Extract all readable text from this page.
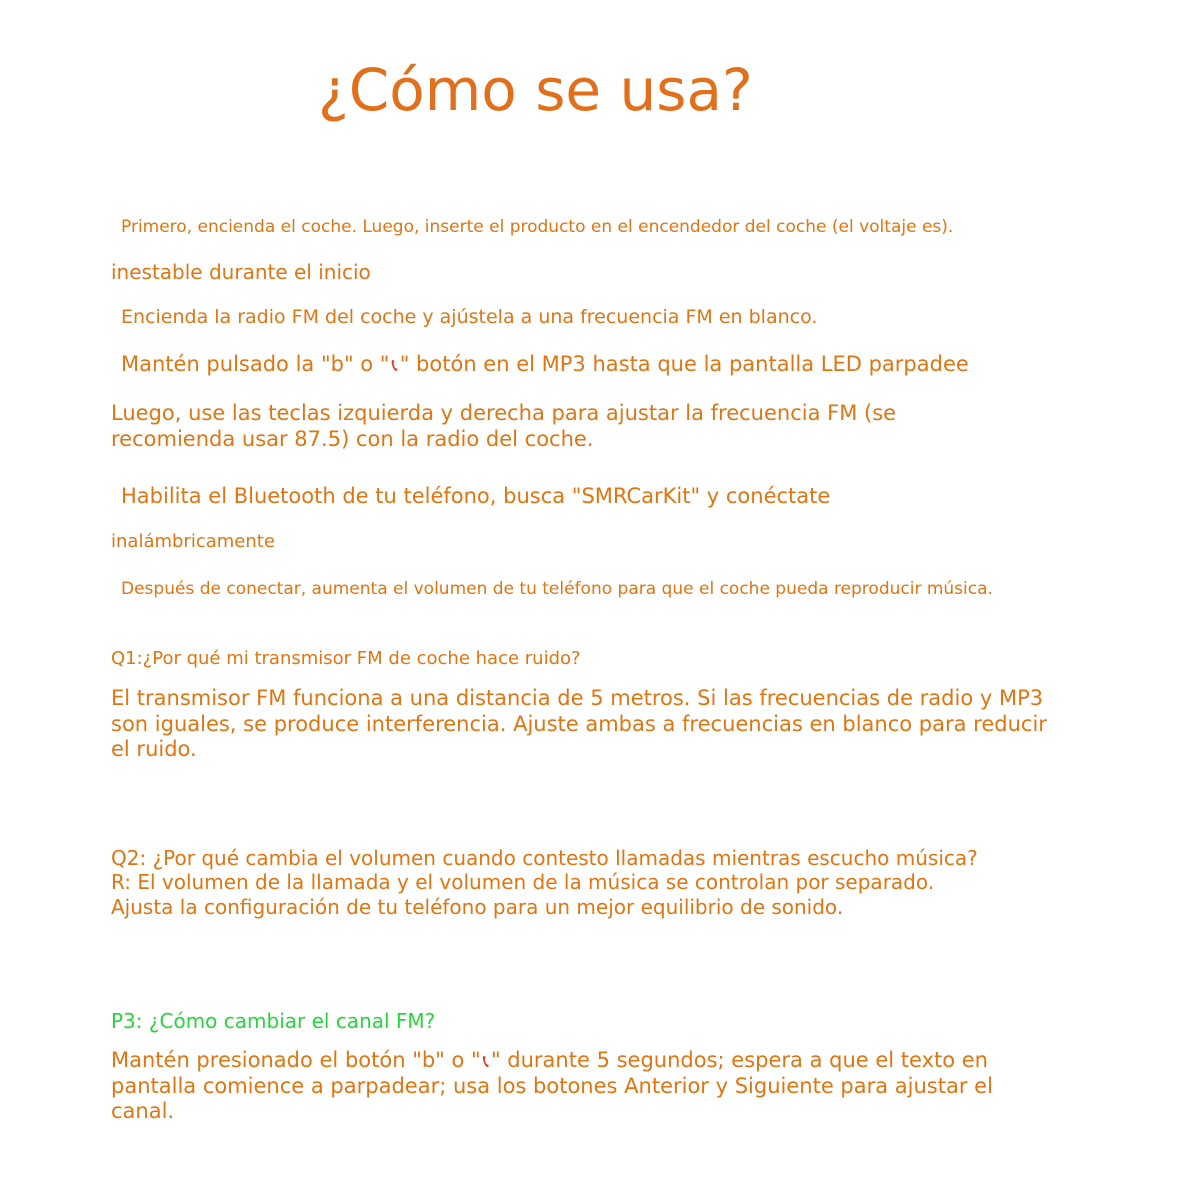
¿Cómo se usa?

Primero, encienda el coche. Luego, inserte el producto en el encendedor del coche (el voltaje es).

inestable durante el inicio

Encienda la radio FM del coche y ajústela a una frecuencia FM en blanco.

Mantén pulsado la "b" o " 📞︎" botón en el MP3 hasta que la pantalla LED parpadee

Luego, use las teclas izquierda y derecha para ajustar la frecuencia FM (se
recomienda usar 87.5) con la radio del coche.

Habilita el Bluetooth de tu teléfono, busca "SMRCarKit" y conéctate

inalámbricamente

Después de conectar, aumenta el volumen de tu teléfono para que el coche pueda reproducir música.

Q1:¿Por qué mi transmisor FM de coche hace ruido?

El transmisor FM funciona a una distancia de 5 metros. Si las frecuencias de radio y MP3
son iguales, se produce interferencia. Ajuste ambas a frecuencias en blanco para reducir
el ruido.
Q2: ¿Por qué cambia el volumen cuando contesto llamadas mientras escucho música?
R: El volumen de la llamada y el volumen de la música se controlan por separado.
Ajusta la configuración de tu teléfono para un mejor equilibrio de sonido.

P3: ¿Cómo cambiar el canal FM?

Mantén presionado el botón "b" o " 📞︎" durante 5 segundos; espera a que el texto en
pantalla comience a parpadear; usa los botones Anterior y Siguiente para ajustar el
canal.
